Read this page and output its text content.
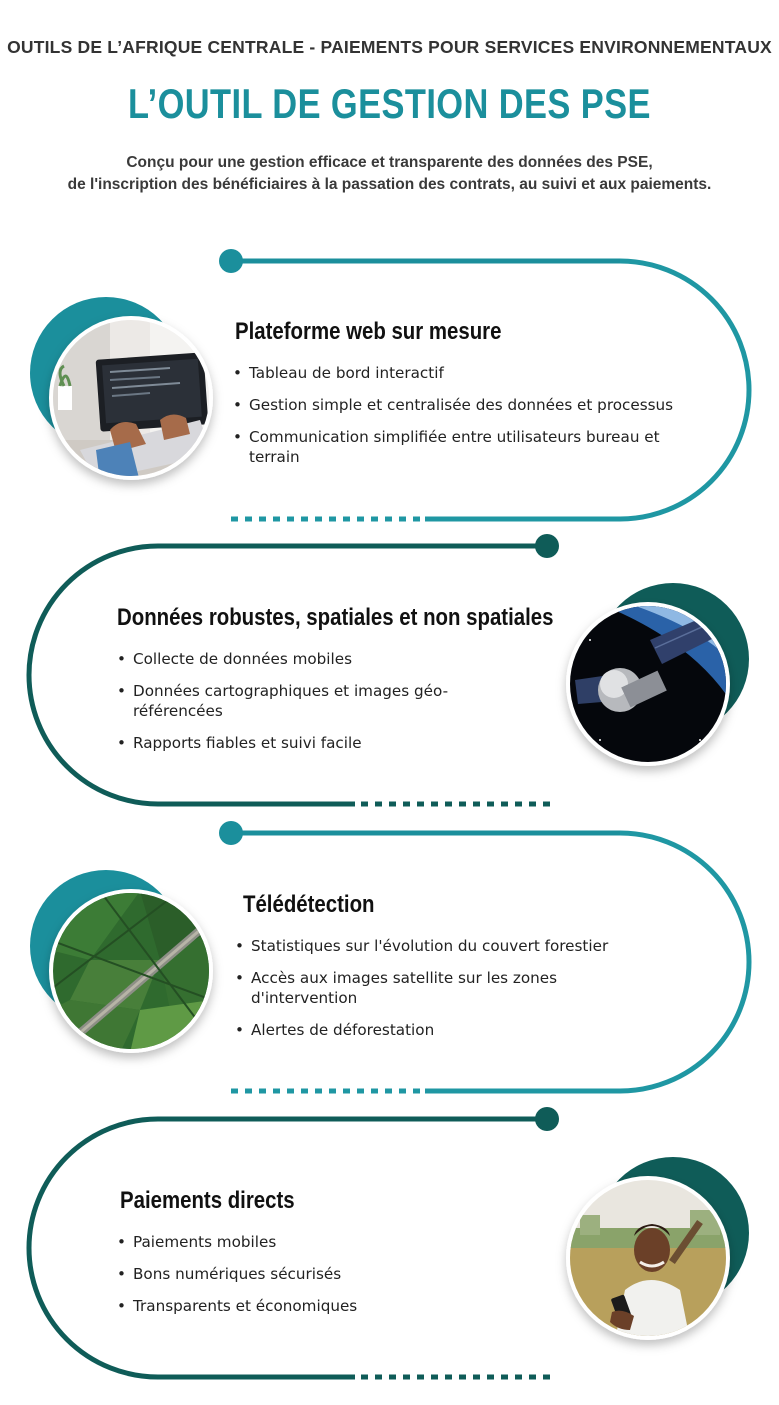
OUTILS DE L’AFRIQUE CENTRALE - PAIEMENTS POUR SERVICES ENVIRONNEMENTAUX
L’OUTIL DE GESTION DES PSE
Conçu pour une gestion efficace et transparente des données des PSE,
de l'inscription des bénéficiaires à la passation des contrats, au suivi et aux paiements.
Plateforme web sur mesure
• Tableau de bord interactif
• Gestion simple et centralisée des données et processus
• Communication simplifiée entre utilisateurs bureau et terrain
Données robustes, spatiales et non spatiales
• Collecte de données mobiles
• Données cartographiques et images géo-référencées
• Rapports fiables et suivi facile
Télédétection
• Statistiques sur l'évolution du couvert forestier
• Accès aux images satellite sur les zones d'intervention
• Alertes de déforestation
Paiements directs
• Paiements mobiles
• Bons numériques sécurisés
• Transparents et économiques
